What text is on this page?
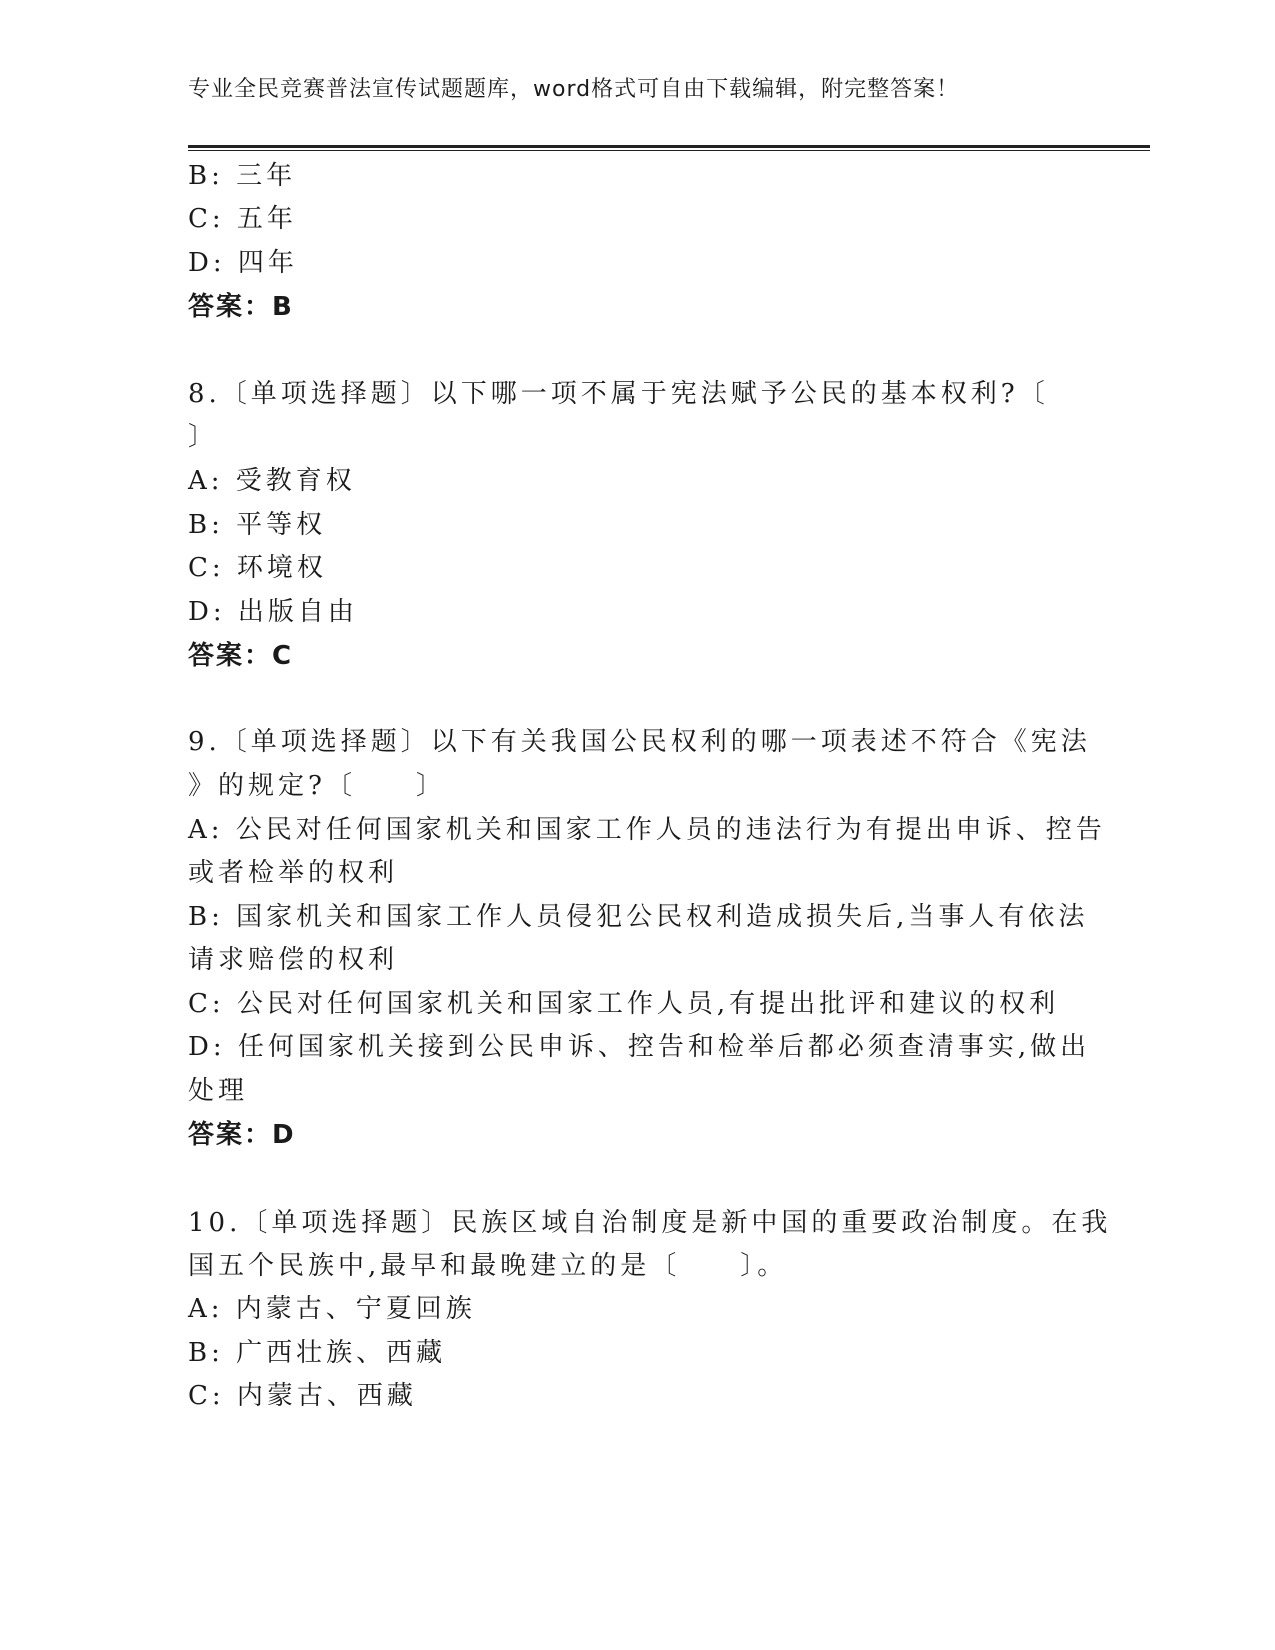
专业全民竞赛普法宣传试题题库，word格式可自由下载编辑，附完整答案！
B: 三年
C: 五年
D: 四年
答案：B
8.〔单项选择题〕以下哪一项不属于宪法赋予公民的基本权利?〔
〕
A: 受教育权
B: 平等权
C: 环境权
D: 出版自由
答案：C
9.〔单项选择题〕以下有关我国公民权利的哪一项表述不符合《宪法
》的规定?〔　　〕
A: 公民对任何国家机关和国家工作人员的违法行为有提出申诉、控告
或者检举的权利
B: 国家机关和国家工作人员侵犯公民权利造成损失后,当事人有依法
请求赔偿的权利
C: 公民对任何国家机关和国家工作人员,有提出批评和建议的权利
D: 任何国家机关接到公民申诉、控告和检举后都必须查清事实,做出
处理
答案：D
10.〔单项选择题〕民族区域自治制度是新中国的重要政治制度。在我
国五个民族中,最早和最晚建立的是〔　　〕。
A: 内蒙古、宁夏回族
B: 广西壮族、西藏
C: 内蒙古、西藏
